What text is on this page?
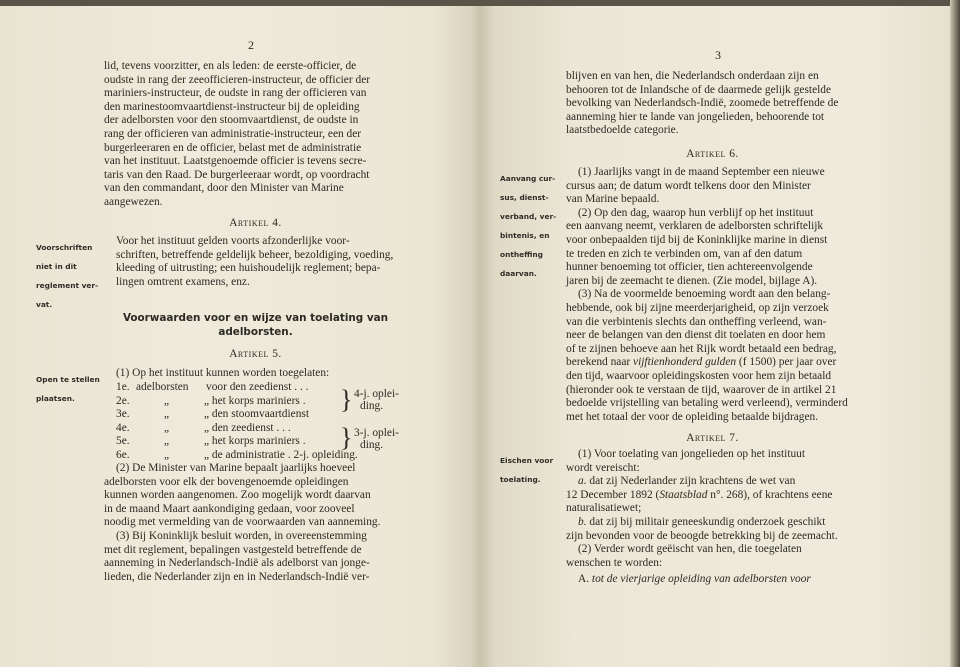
2

lid, tevens voorzitter, en als leden: de eerste-officier, de

oudste in rang der zeeofficieren-instructeur, de officier der

mariniers-instructeur, de oudste in rang der officieren van

den marinestoomvaartdienst-instructeur bij de opleiding

der adelborsten voor den stoomvaartdienst, de oudste in

rang der officieren van administratie-instructeur, een der

burgerleeraren en de officier, belast met de administratie

van het instituut. Laatstgenoemde officier is tevens secre-

taris van den Raad. De burgerleeraar wordt, op voordracht

van den commandant, door den Minister van Marine

aangewezen.

Artikel 4.

Voorschriften

niet in dit

reglement ver-

vat.

Voor het instituut gelden voorts afzonderlijke voor-

schriften, betreffende geldelijk beheer, bezoldiging, voeding,

kleeding of uitrusting; een huishoudelijk reglement; bepa-

lingen omtrent examens, enz.

Voorwaarden voor en wijze van toelating van

adelborsten.

Artikel 5.

Open te stellen

plaatsen.

(1) Op het instituut kunnen worden toegelaten:

1e. adelborsten voor den zeedienst . . .
2e.	„	„ het korps mariniers .
3e.	„	„ den stoomvaartdienst
4e.	„	„ den zeedienst . . .
5e.	„	„ het korps mariniers .
6e.	„	„ de administratie . 2-j. opleiding.
} 4-j. oplei-

ding.

} 3-j. oplei-

ding.

(2) De Minister van Marine bepaalt jaarlijks hoeveel

adelborsten voor elk der bovengenoemde opleidingen

kunnen worden aangenomen. Zoo mogelijk wordt daarvan

in de maand Maart aankondiging gedaan, voor zooveel

noodig met vermelding van de voorwaarden van aanneming.

(3) Bij Koninklijk besluit worden, in overeenstemming

met dit reglement, bepalingen vastgesteld betreffende de

aanneming in Nederlandsch-Indië als adelborst van jonge-

lieden, die Nederlander zijn en in Nederlandsch-Indië ver-

3

blijven en van hen, die Nederlandsch onderdaan zijn en

behooren tot de Inlandsche of de daarmede gelijk gestelde

bevolking van Nederlandsch-Indië, zoomede betreffende de

aanneming hier te lande van jongelieden, behoorende tot

laatstbedoelde categorie.

Artikel 6.

Aanvang cur-

sus, dienst-

verband, ver-

bintenis, en

ontheffing

daarvan.

(1) Jaarlijks vangt in de maand September een nieuwe

cursus aan; de datum wordt telkens door den Minister

van Marine bepaald.

(2) Op den dag, waarop hun verblijf op het instituut

een aanvang neemt, verklaren de adelborsten schriftelijk

voor onbepaalden tijd bij de Koninklijke marine in dienst

te treden en zich te verbinden om, van af den datum

hunner benoeming tot officier, tien achtereenvolgende

jaren bij de zeemacht te dienen. (Zie model, bijlage A).

(3) Na de voormelde benoeming wordt aan den belang-

hebbende, ook bij zijne meerderjarigheid, op zijn verzoek

van die verbintenis slechts dan ontheffing verleend, wan-

neer de belangen van den dienst dit toelaten en door hem

of te zijnen behoeve aan het Rijk wordt betaald een bedrag,

berekend naar vijftienhonderd gulden (f 1500) per jaar over

den tijd, waarvoor opleidingskosten voor hem zijn betaald

(hieronder ook te verstaan de tijd, waarover de in artikel 21

bedoelde vrijstelling van betaling werd verleend), verminderd

met het totaal der voor de opleiding betaalde bijdragen.

Artikel 7.

Eischen voor

toelating.

(1) Voor toelating van jongelieden op het instituut

wordt vereischt:

a. dat zij Nederlander zijn krachtens de wet van

12 December 1892 (Staatsblad n°. 268), of krachtens eene

naturalisatiewet;

b. dat zij bij militair geneeskundig onderzoek geschikt

zijn bevonden voor de beoogde betrekking bij de zeemacht.

(2) Verder wordt geëischt van hen, die toegelaten

wenschen te worden:

A. tot de vierjarige opleiding van adelborsten voor
